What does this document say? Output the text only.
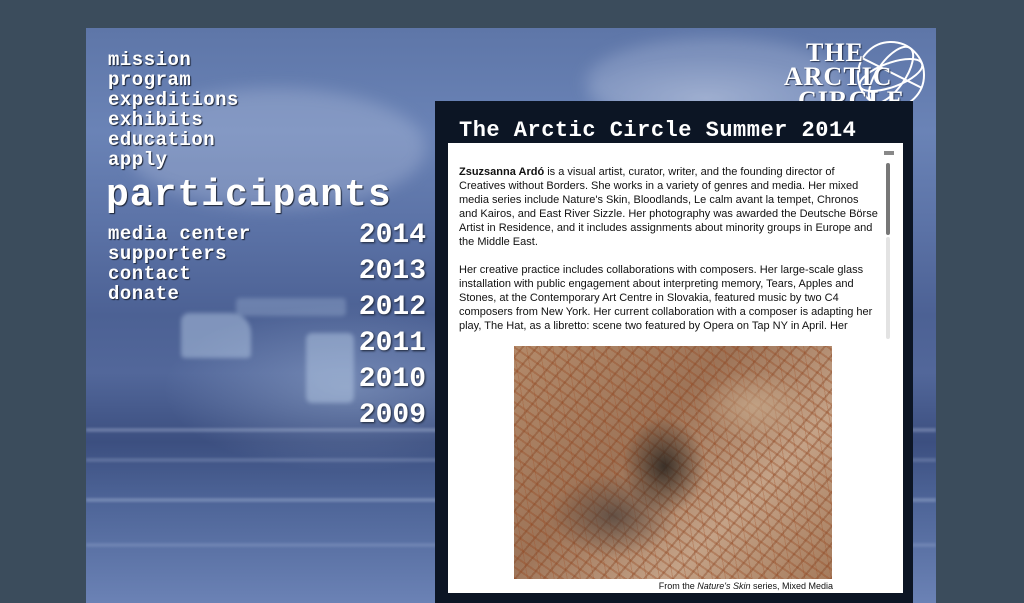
mission
program
expeditions
exhibits
education
apply
participants
media center
supporters
contact
donate
2014
2013
2012
2011
2010
2009
THE
ARCTIC
The Arctic Circle Summer 2014

Zsuzsanna Ardó is a visual artist, curator, writer, and the founding director of Creatives without Borders. She works in a variety of genres and media. Her mixed media series include Nature's Skin, Bloodlands, Le calm avant la tempet, Chronos and Kairos, and East River Sizzle. Her photography was awarded the Deutsche Börse Artist in Residence, and it includes assignments about minority groups in Europe and the Middle East.

Her creative practice includes collaborations with composers. Her large-scale glass installation with public engagement about interpreting memory, Tears, Apples and Stones, at the Contemporary Art Centre in Slovakia, featured music by two C4 composers from New York. Her current collaboration with a composer is adapting her play, The Hat, as a libretto: scene two featured by Opera on Tap NY in April. Her

From the Nature's Skin series, Mixed Media
